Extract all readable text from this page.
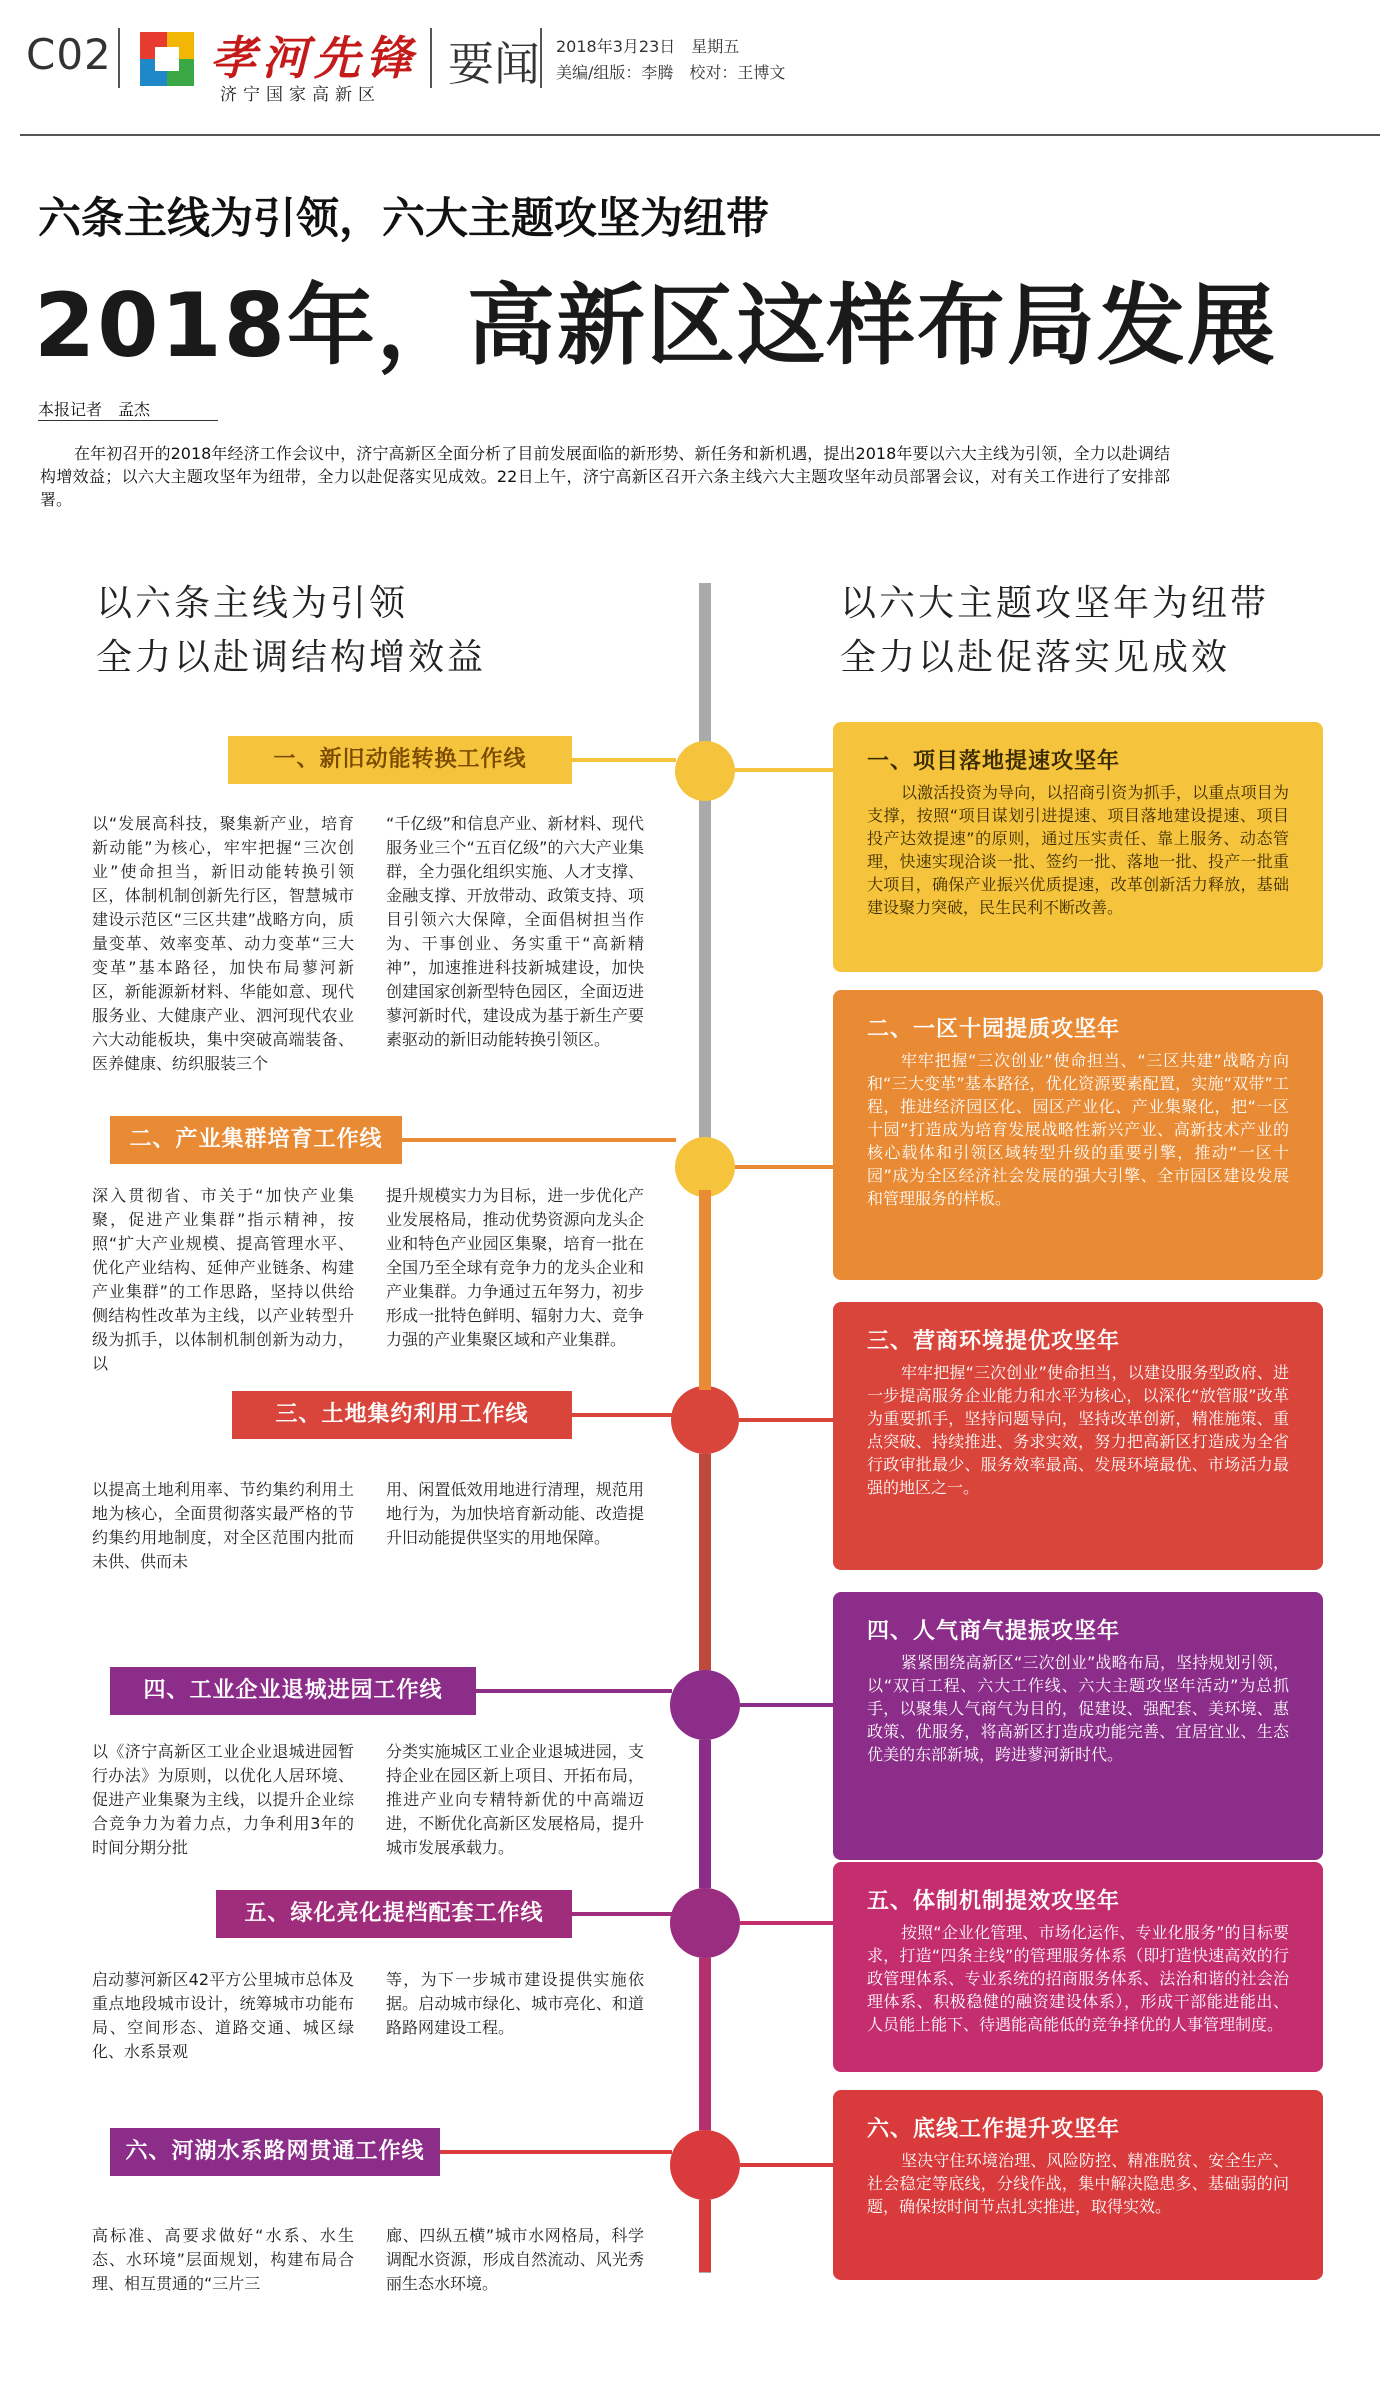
C02 孝河先锋
济宁国家高新区
要闻 2018年3月23日　星期五
美编/组版：李腾　校对：王博文
六条主线为引领，六大主题攻坚为纽带
2018年，高新区这样布局发展
本报记者　孟杰
在年初召开的2018年经济工作会议中，济宁高新区全面分析了目前发展面临的新形势、新任务和新机遇，提出2018年要以六大主线为引领，全力以赴调结构增效益；以六大主题攻坚年为纽带，全力以赴促落实见成效。22日上午，济宁高新区召开六条主线六大主题攻坚年动员部署会议，对有关工作进行了安排部署。
以六条主线为引领
全力以赴调结构增效益
以六大主题攻坚年为纽带
全力以赴促落实见成效
一、新旧动能转换工作线
以“发展高科技，聚集新产业，培育新动能”为核心，牢牢把握“三次创业”使命担当，新旧动能转换引领区，体制机制创新先行区，智慧城市建设示范区“三区共建”战略方向，质量变革、效率变革、动力变革“三大变革”基本路径，加快布局蓼河新区，新能源新材料、华能如意、现代服务业、大健康产业、泗河现代农业六大动能板块，集中突破高端装备、医养健康、纺织服装三个
“千亿级”和信息产业、新材料、现代服务业三个“五百亿级”的六大产业集群，全力强化组织实施、人才支撑、金融支撑、开放带动、政策支持、项目引领六大保障，全面倡树担当作为、干事创业、务实重干“高新精神”，加速推进科技新城建设，加快创建国家创新型特色园区，全面迈进蓼河新时代，建设成为基于新生产要素驱动的新旧动能转换引领区。
二、产业集群培育工作线
深入贯彻省、市关于“加快产业集聚，促进产业集群”指示精神，按照“扩大产业规模、提高管理水平、优化产业结构、延伸产业链条、构建产业集群”的工作思路，坚持以供给侧结构性改革为主线，以产业转型升级为抓手，以体制机制创新为动力，以
提升规模实力为目标，进一步优化产业发展格局，推动优势资源向龙头企业和特色产业园区集聚，培育一批在全国乃至全球有竞争力的龙头企业和产业集群。力争通过五年努力，初步形成一批特色鲜明、辐射力大、竞争力强的产业集聚区域和产业集群。
三、土地集约利用工作线
以提高土地利用率、节约集约利用土地为核心，全面贯彻落实最严格的节约集约用地制度，对全区范围内批而未供、供而未
用、闲置低效用地进行清理，规范用地行为，为加快培育新动能、改造提升旧动能提供坚实的用地保障。
四、工业企业退城进园工作线
以《济宁高新区工业企业退城进园暂行办法》为原则，以优化人居环境、促进产业集聚为主线，以提升企业综合竞争力为着力点，力争利用3年的时间分期分批
分类实施城区工业企业退城进园，支持企业在园区新上项目、开拓布局，推进产业向专精特新优的中高端迈进，不断优化高新区发展格局，提升城市发展承载力。
五、绿化亮化提档配套工作线
启动蓼河新区42平方公里城市总体及重点地段城市设计，统筹城市功能布局、空间形态、道路交通、城区绿化、水系景观
等，为下一步城市建设提供实施依据。启动城市绿化、城市亮化、和道路路网建设工程。
六、河湖水系路网贯通工作线
高标准、高要求做好“水系、水生态、水环境”层面规划，构建布局合理、相互贯通的“三片三
廊、四纵五横”城市水网格局，科学调配水资源，形成自然流动、风光秀丽生态水环境。
一、项目落地提速攻坚年
以激活投资为导向，以招商引资为抓手，以重点项目为支撑，按照“项目谋划引进提速、项目落地建设提速、项目投产达效提速”的原则，通过压实责任、靠上服务、动态管理，快速实现洽谈一批、签约一批、落地一批、投产一批重大项目，确保产业振兴优质提速，改革创新活力释放，基础建设聚力突破，民生民利不断改善。
二、一区十园提质攻坚年
牢牢把握“三次创业”使命担当、“三区共建”战略方向和“三大变革”基本路径，优化资源要素配置，实施“双带”工程，推进经济园区化、园区产业化、产业集聚化，把“一区十园”打造成为培育发展战略性新兴产业、高新技术产业的核心载体和引领区域转型升级的重要引擎，推动“一区十园”成为全区经济社会发展的强大引擎、全市园区建设发展和管理服务的样板。
三、营商环境提优攻坚年
牢牢把握“三次创业”使命担当，以建设服务型政府、进一步提高服务企业能力和水平为核心，以深化“放管服”改革为重要抓手，坚持问题导向，坚持改革创新，精准施策、重点突破、持续推进、务求实效，努力把高新区打造成为全省行政审批最少、服务效率最高、发展环境最优、市场活力最强的地区之一。
四、人气商气提振攻坚年
紧紧围绕高新区“三次创业”战略布局，坚持规划引领，以“双百工程、六大工作线、六大主题攻坚年活动”为总抓手，以聚集人气商气为目的，促建设、强配套、美环境、惠政策、优服务，将高新区打造成功能完善、宜居宜业、生态优美的东部新城，跨进蓼河新时代。
五、体制机制提效攻坚年
按照“企业化管理、市场化运作、专业化服务”的目标要求，打造“四条主线”的管理服务体系（即打造快速高效的行政管理体系、专业系统的招商服务体系、法治和谐的社会治理体系、积极稳健的融资建设体系），形成干部能进能出、人员能上能下、待遇能高能低的竞争择优的人事管理制度。
六、底线工作提升攻坚年
坚决守住环境治理、风险防控、精准脱贫、安全生产、社会稳定等底线，分线作战，集中解决隐患多、基础弱的问题，确保按时间节点扎实推进，取得实效。
